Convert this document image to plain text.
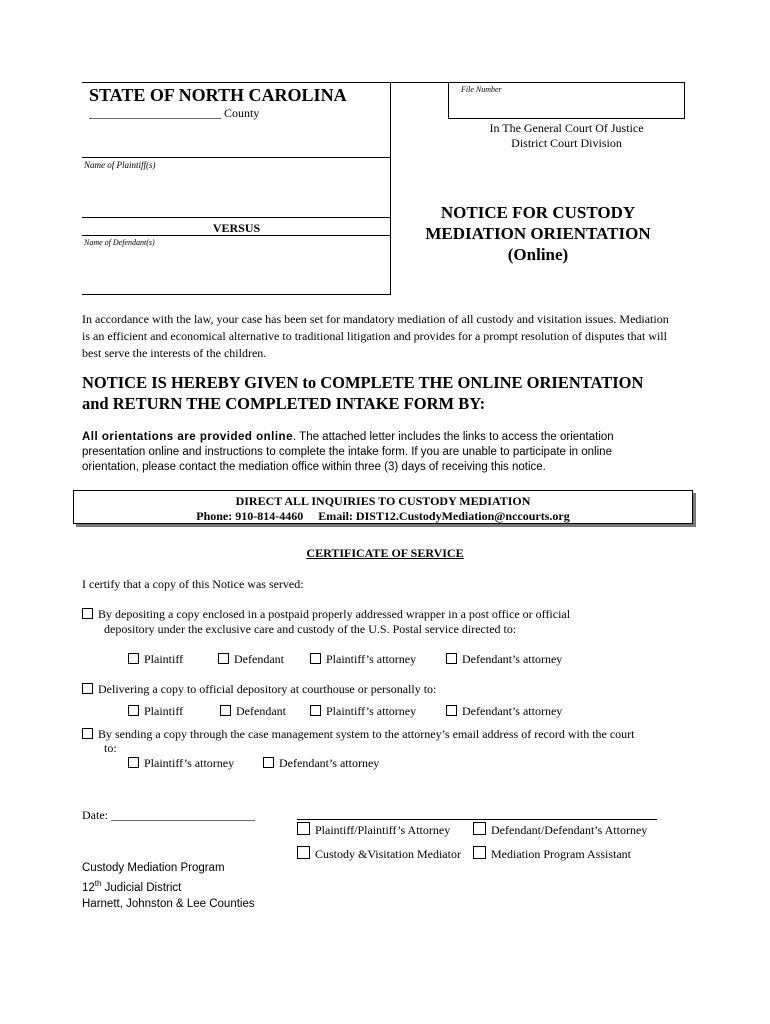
STATE OF NORTH CAROLINA
______________________ County
File Number
In The General Court Of Justice
District Court Division
Name of Plaintiff(s)
VERSUS
Name of Defendant(s)
NOTICE FOR CUSTODY
MEDIATION ORIENTATION
(Online)
In accordance with the law, your case has been set for mandatory mediation of all custody and visitation issues. Mediation
is an efficient and economical alternative to traditional litigation and provides for a prompt resolution of disputes that will
best serve the interests of the children.
NOTICE IS HEREBY GIVEN to COMPLETE THE ONLINE ORIENTATION
and RETURN THE COMPLETED INTAKE FORM BY:
All orientations are provided online. The attached letter includes the links to access the orientation
presentation online and instructions to complete the intake form. If you are unable to participate in online
orientation, please contact the mediation office within three (3) days of receiving this notice.
DIRECT ALL INQUIRIES TO CUSTODY MEDIATION
Phone: 910-814-4460 Email: DIST12.CustodyMediation@nccourts.org
CERTIFICATE OF SERVICE
I certify that a copy of this Notice was served:
By depositing a copy enclosed in a postpaid properly addressed wrapper in a post office or official
depository under the exclusive care and custody of the U.S. Postal service directed to:
Plaintiff	Defendant	Plaintiff’s attorney	Defendant’s attorney
Delivering a copy to official depository at courthouse or personally to:
Plaintiff	Defendant	Plaintiff’s attorney	Defendant’s attorney
By sending a copy through the case management system to the attorney’s email address of record with the court
to:
Plaintiff’s attorney	Defendant’s attorney
Date: ________________________
Plaintiff/Plaintiff’s Attorney	Defendant/Defendant’s Attorney
Custody &Visitation Mediator	Mediation Program Assistant
Custody Mediation Program
12th Judicial District
Harnett, Johnston & Lee Counties
